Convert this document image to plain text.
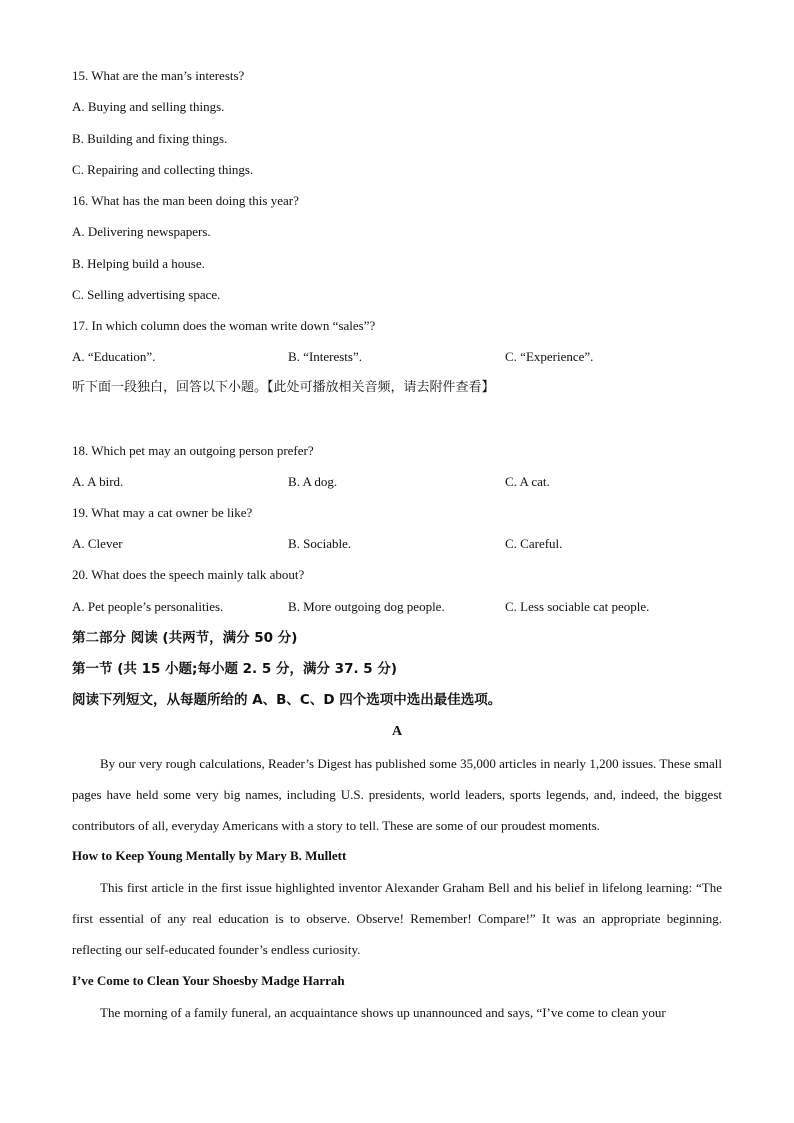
15. What are the man’s interests?
A. Buying and selling things.
B. Building and fixing things.
C. Repairing and collecting things.
16. What has the man been doing this year?
A. Delivering newspapers.
B. Helping build a house.
C. Selling advertising space.
17. In which column does the woman write down “sales”?
A. “Education”.	B. “Interests”.	C. “Experience”.
听下面一段独白，回答以下小题。【此处可播放相关音频，请去附件查看】
18. Which pet may an outgoing person prefer?
A. A bird.	B. A dog.	C. A cat.
19. What may a cat owner be like?
A. Clever	B. Sociable.	C. Careful.
20. What does the speech mainly talk about?
A. Pet people’s personalities.	B. More outgoing dog people.	C. Less sociable cat people.
第二部分 阅读 (共两节，满分 50 分)
第一节 (共 15 小题;每小题 2. 5 分，满分 37. 5 分)
阅读下列短文，从每题所给的 A、B、C、D 四个选项中选出最佳选项。
A

By our very rough calculations, Reader’s Digest has published some 35,000 articles in nearly 1,200 issues. These small pages have held some very big names, including U.S. presidents, world leaders, sports legends, and, indeed, the biggest contributors of all, everyday Americans with a story to tell. These are some of our proudest moments.

How to Keep Young Mentally by Mary B. Mullett

This first article in the first issue highlighted inventor Alexander Graham Bell and his belief in lifelong learning: “The first essential of any real education is to observe. Observe! Remember! Compare!” It was an appropriate beginning. reflecting our self-educated founder’s endless curiosity.

I’ve Come to Clean Your Shoesby Madge Harrah

The morning of a family funeral, an acquaintance shows up unannounced and says, “I’ve come to clean your
